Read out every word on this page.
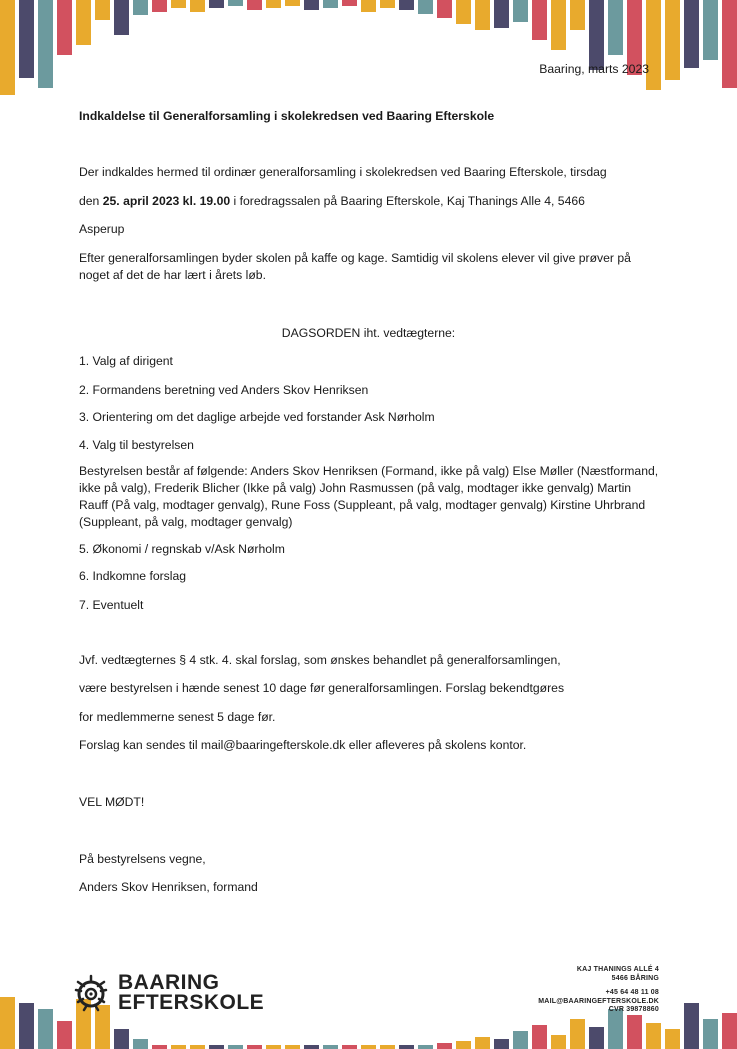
Baaring, marts 2023
Indkaldelse til Generalforsamling i skolekredsen ved Baaring Efterskole
Der indkaldes hermed til ordinær generalforsamling i skolekredsen ved Baaring Efterskole, tirsdag
den 25. april 2023 kl. 19.00 i foredragssalen på Baaring Efterskole, Kaj Thanings Alle 4, 5466
Asperup
Efter generalforsamlingen byder skolen på kaffe og kage. Samtidig vil skolens elever vil give prøver på noget af det de har lært i årets løb.
DAGSORDEN iht. vedtægterne:
1. Valg af dirigent
2. Formandens beretning ved Anders Skov Henriksen
3. Orientering om det daglige arbejde ved forstander Ask Nørholm
4. Valg til bestyrelsen
Bestyrelsen består af følgende: Anders Skov Henriksen (Formand, ikke på valg) Else Møller (Næstformand, ikke på valg), Frederik Blicher (Ikke på valg) John Rasmussen (på valg, modtager ikke genvalg) Martin Rauff (På valg, modtager genvalg), Rune Foss (Suppleant, på valg, modtager genvalg) Kirstine Uhrbrand (Suppleant, på valg, modtager genvalg)
5. Økonomi / regnskab v/Ask Nørholm
6. Indkomne forslag
7. Eventuelt
Jvf. vedtægternes § 4 stk. 4. skal forslag, som ønskes behandlet på generalforsamlingen,
være bestyrelsen i hænde senest 10 dage før generalforsamlingen. Forslag bekendtgøres
for medlemmerne senest 5 dage før.
Forslag kan sendes til mail@baaringefterskole.dk eller afleveres på skolens kontor.
VEL MØDT!
På bestyrelsens vegne,
Anders Skov Henriksen, formand
BAARING
EFTERSKOLE
KAJ THANINGS ALLÉ 4
5466 BÅRING
+45 64 48 11 08
MAIL@BAARINGEFTERSKOLE.DK
CVR 39878860
